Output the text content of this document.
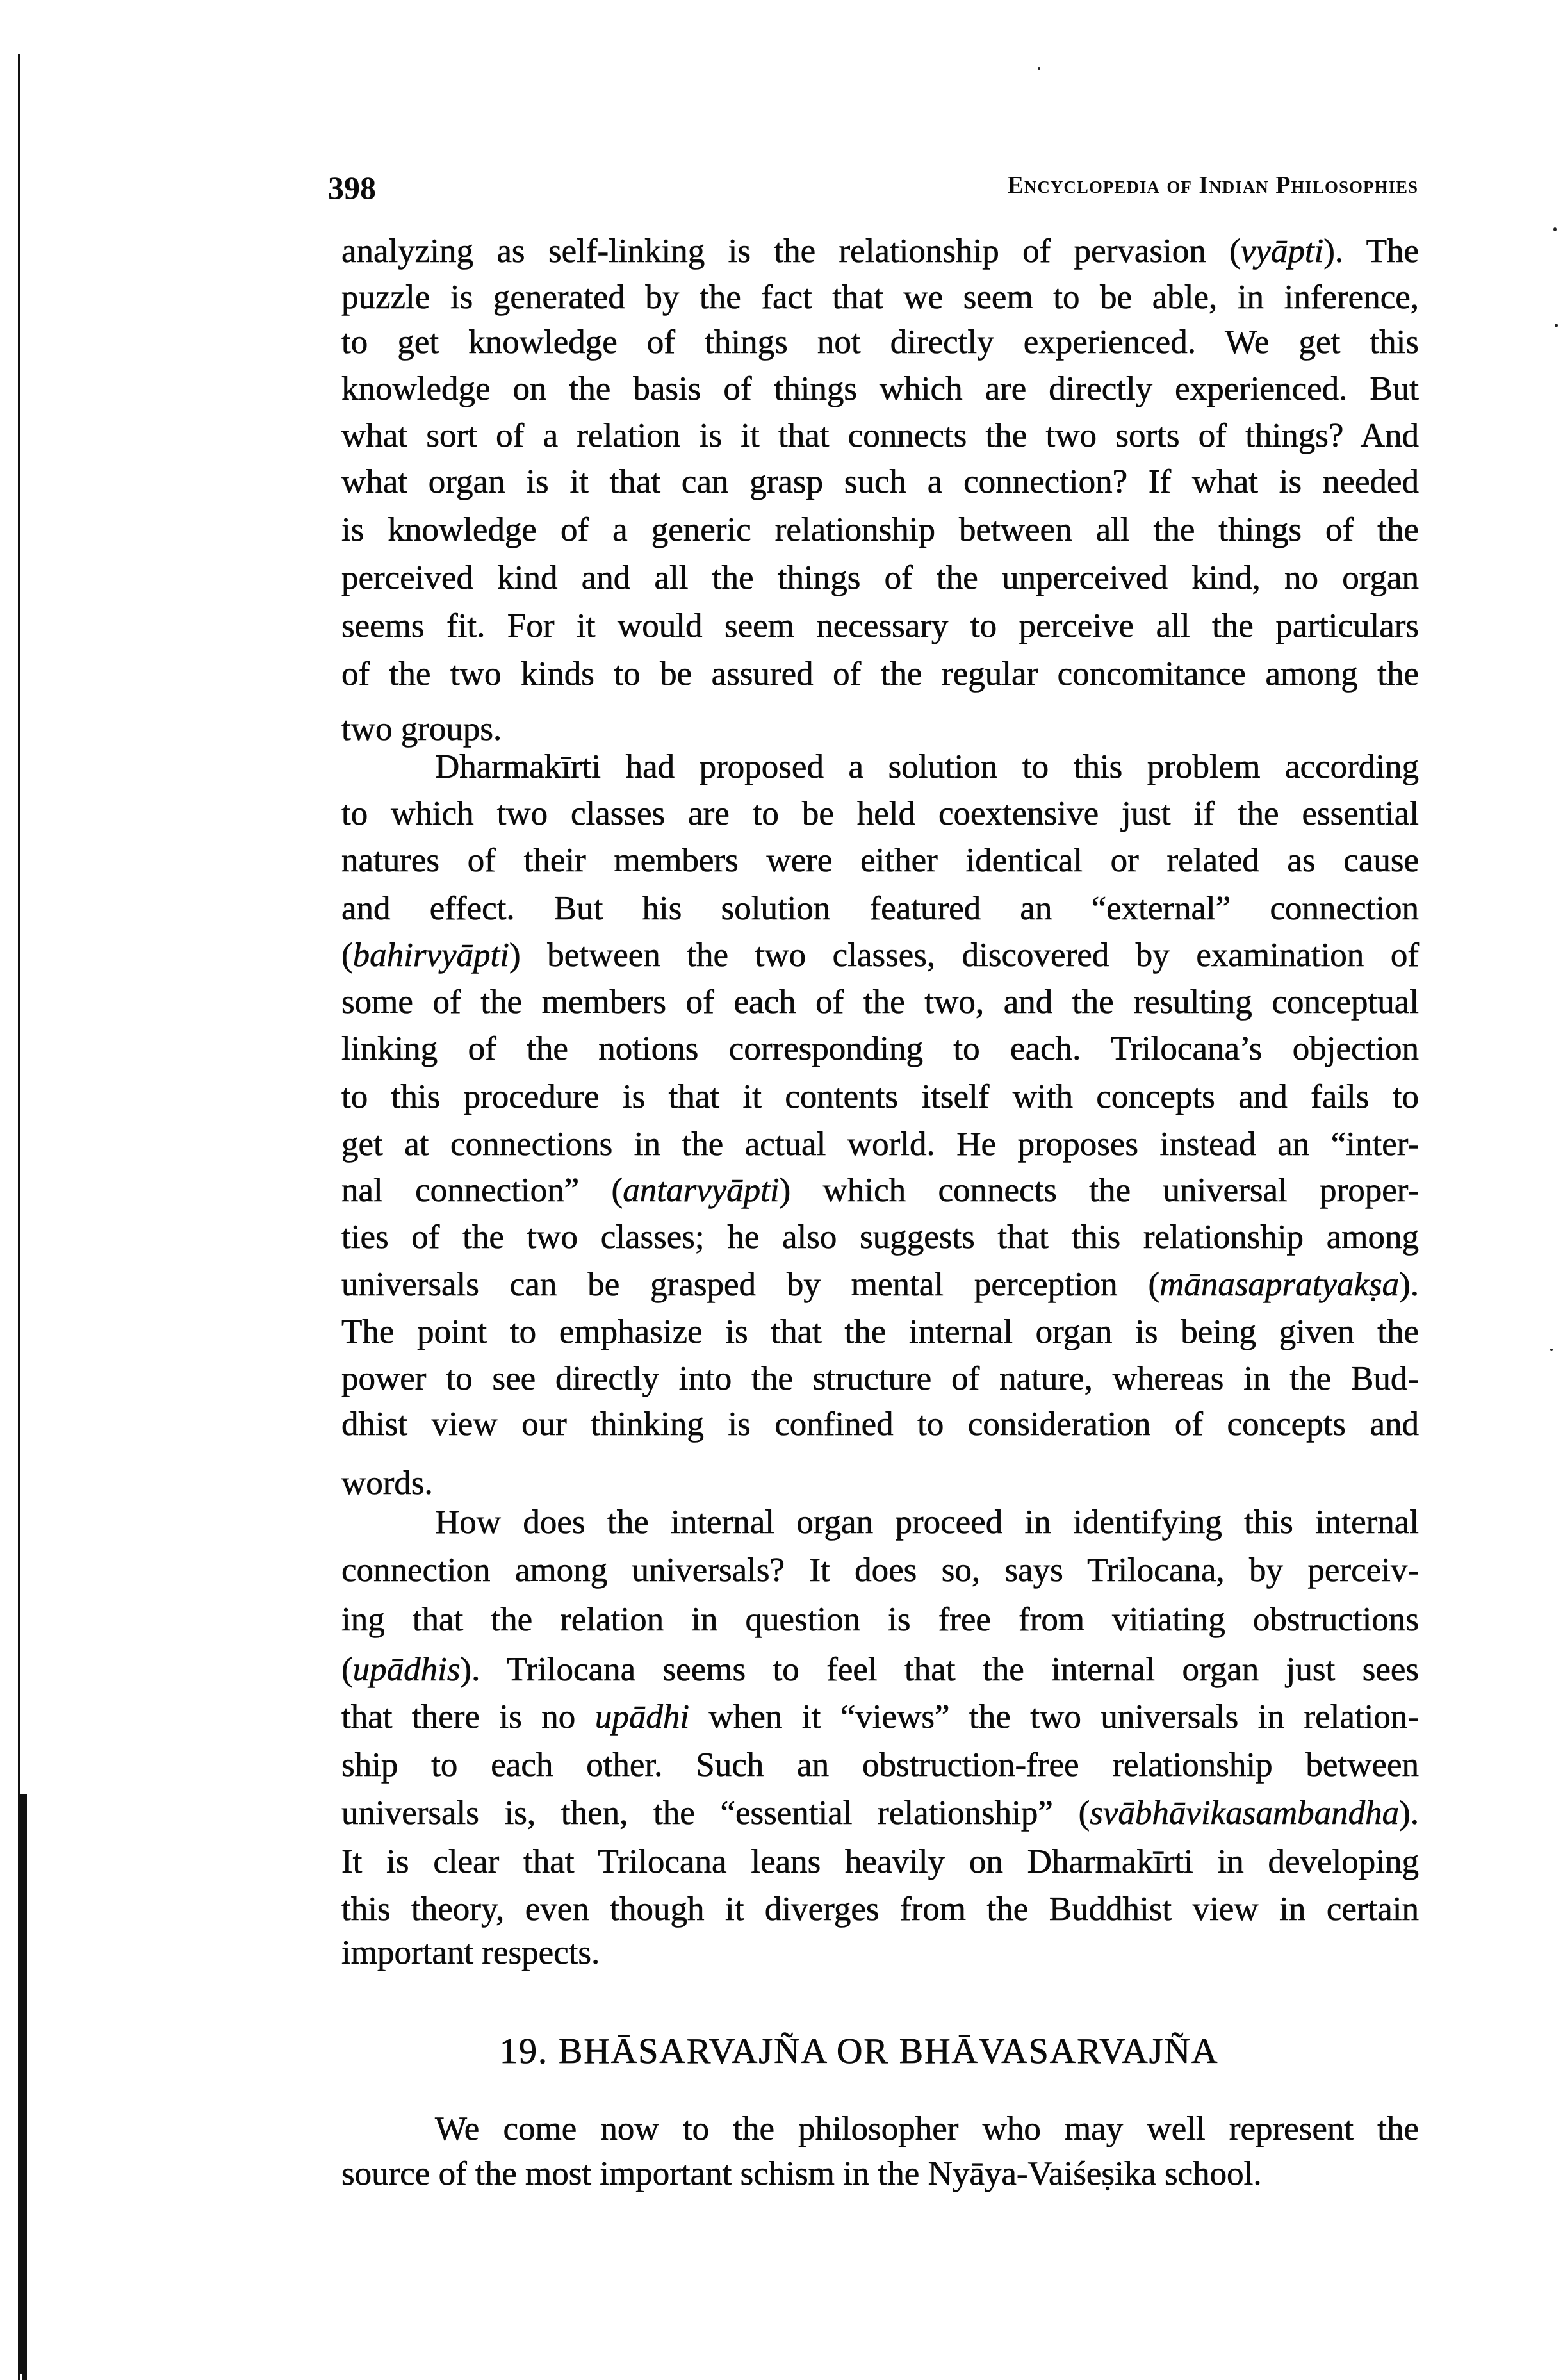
398	Encyclopedia of Indian Philosophies
analyzing as self-linking is the relationship of pervasion (vyāpti). The
puzzle is generated by the fact that we seem to be able, in inference,
to get knowledge of things not directly experienced. We get this
knowledge on the basis of things which are directly experienced. But
what sort of a relation is it that connects the two sorts of things? And
what organ is it that can grasp such a connection? If what is needed
is knowledge of a generic relationship between all the things of the
perceived kind and all the things of the unperceived kind, no organ
seems fit. For it would seem necessary to perceive all the particulars
of the two kinds to be assured of the regular concomitance among the
two groups.
Dharmakīrti had proposed a solution to this problem according
to which two classes are to be held coextensive just if the essential
natures of their members were either identical or related as cause
and effect. But his solution featured an “external” connection
(bahirvyāpti) between the two classes, discovered by examination of
some of the members of each of the two, and the resulting conceptual
linking of the notions corresponding to each. Trilocana’s objection
to this procedure is that it contents itself with concepts and fails to
get at connections in the actual world. He proposes instead an “inter-
nal connection” (antarvyāpti) which connects the universal proper-
ties of the two classes; he also suggests that this relationship among
universals can be grasped by mental perception (mānasapratyakṣa).
The point to emphasize is that the internal organ is being given the
power to see directly into the structure of nature, whereas in the Bud-
dhist view our thinking is confined to consideration of concepts and
words.
How does the internal organ proceed in identifying this internal
connection among universals? It does so, says Trilocana, by perceiv-
ing that the relation in question is free from vitiating obstructions
(upādhis). Trilocana seems to feel that the internal organ just sees
that there is no upādhi when it “views” the two universals in relation-
ship to each other. Such an obstruction-free relationship between
universals is, then, the “essential relationship” (svābhāvikasambandha).
It is clear that Trilocana leans heavily on Dharmakīrti in developing
this theory, even though it diverges from the Buddhist view in certain
important respects.
We come now to the philosopher who may well represent the
source of the most important schism in the Nyāya-Vaiśeṣika school.
19. BHĀSARVAJÑA OR BHĀVASARVAJÑA
